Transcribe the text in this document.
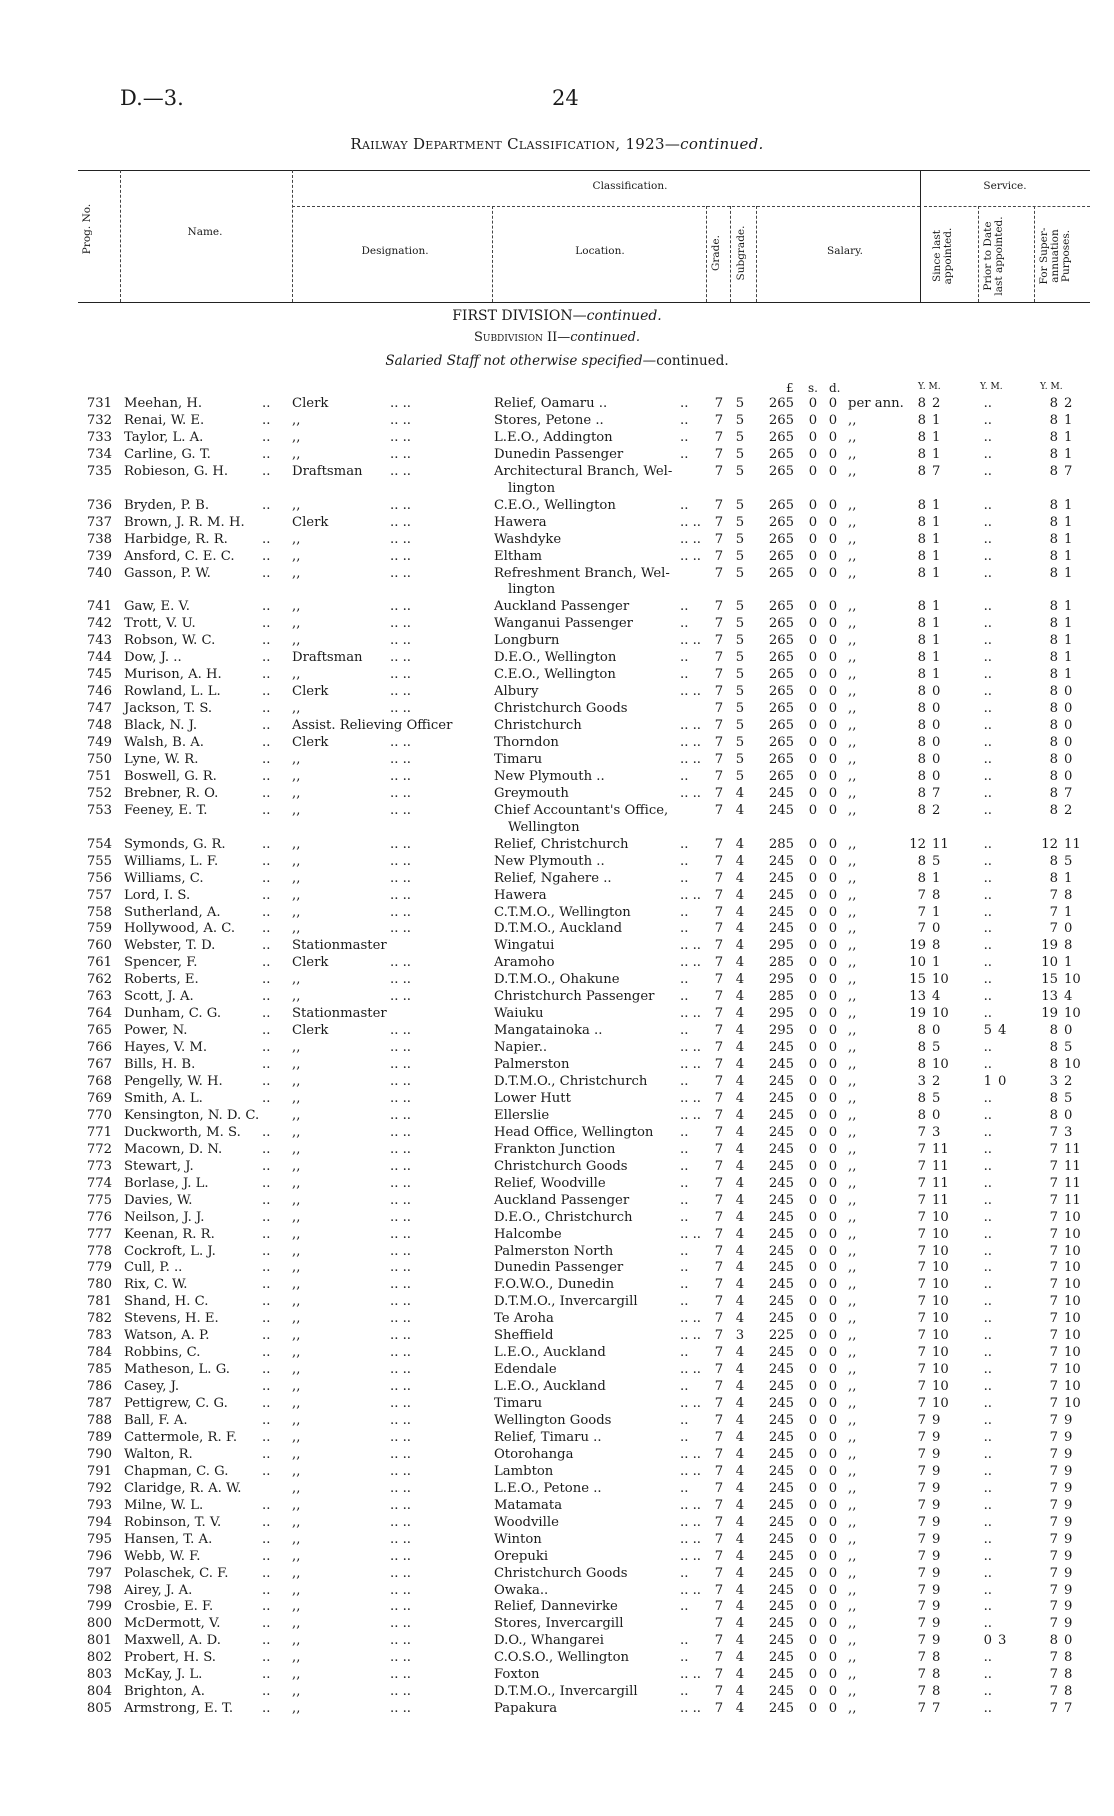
D.—3.	24
Railway Department Classification, 1923—continued.
Prog. No.	Name.
Classification.
Designation.	Location.	Grade. Subgrade.	Salary.
Service.
Since last appointed.	Prior to Date last appointed.	For Super- annuation Purposes.
FIRST DIVISION—continued.
Subdivision II—continued.
Salaried Staff not otherwise specified—continued.
£ s. d.	Y. M.	Y. M.	Y. M.
731 Meehan, H.	.. Clerk	.. ..	Relief, Oamaru ..	.. 7 5	265 0 0 per ann.	8 2	..	8 2
732 Renai, W. E.	.. ,,	.. ..	Stores, Petone ..	.. 7 5	265 0 0 ,,	8 1	..	8 1
733 Taylor, L. A.	.. ,,	.. ..	L.E.O., Addington	.. 7 5	265 0 0 ,,	8 1	..	8 1
734 Carline, G. T.	.. ,,	.. ..	Dunedin Passenger	.. 7 5	265 0 0 ,,	8 1	..	8 1
735 Robieson, G. H.	.. Draftsman .. ..	Architectural Branch, Wel-	7 5	265 0 0 ,,	8 7	..	8 7
lington
736 Bryden, P. B.	.. ,,	.. ..	C.E.O., Wellington	.. 7 5	265 0 0 ,,	8 1	..	8 1
737 Brown, J. R. M. H.	Clerk	.. ..	Hawera	.. .. 7 5	265 0 0 ,,	8 1	..	8 1
738 Harbidge, R. R.	.. ,,	.. ..	Washdyke	.. .. 7 5	265 0 0 ,,	8 1	..	8 1
739 Ansford, C. E. C. .. ,,	.. ..	Eltham	.. .. 7 5	265 0 0 ,,	8 1	..	8 1
740 Gasson, P. W.	.. ,,	.. ..	Refreshment Branch, Wel-	7 5	265 0 0 ,,	8 1	..	8 1
lington
741 Gaw, E. V.	.. ,,	.. ..	Auckland Passenger	.. 7 5	265 0 0 ,,	8 1	..	8 1
742 Trott, V. U.	.. ,,	.. ..	Wanganui Passenger	.. 7 5	265 0 0 ,,	8 1	..	8 1
743 Robson, W. C.	.. ,,	.. ..	Longburn	.. .. 7 5	265 0 0 ,,	8 1	..	8 1
744 Dow, J. ..	.. Draftsman .. ..	D.E.O., Wellington	.. 7 5	265 0 0 ,,	8 1	..	8 1
745 Murison, A. H.	.. ,,	.. ..	C.E.O., Wellington	.. 7 5	265 0 0 ,,	8 1	..	8 1
746 Rowland, L. L.	.. Clerk	.. ..	Albury	.. .. 7 5	265 0 0 ,,	8 0	..	8 0
747 Jackson, T. S.	.. ,,	.. ..	Christchurch Goods	7 5	265 0 0 ,,	8 0	..	8 0
748 Black, N. J.	.. Assist. Relieving Officer	Christchurch	.. .. 7 5	265 0 0 ,,	8 0	..	8 0
749 Walsh, B. A.	.. Clerk	.. ..	Thorndon	.. .. 7 5	265 0 0 ,,	8 0	..	8 0
750 Lyne, W. R.	.. ,,	.. ..	Timaru	.. .. 7 5	265 0 0 ,,	8 0	..	8 0
751 Boswell, G. R.	.. ,,	.. ..	New Plymouth ..	.. 7 5	265 0 0 ,,	8 0	..	8 0
752 Brebner, R. O.	.. ,,	.. ..	Greymouth	.. .. 7 4	245 0 0 ,,	8 7	..	8 7
753 Feeney, E. T.	.. ,,	.. ..	Chief Accountant's Office,	7 4	245 0 0 ,,	8 2	..	8 2
Wellington
754 Symonds, G. R.	.. ,,	.. ..	Relief, Christchurch	.. 7 4	285 0 0 ,,	12 11	..	12 11
755 Williams, L. F.	.. ,,	.. ..	New Plymouth ..	.. 7 4	245 0 0 ,,	8 5	..	8 5
756 Williams, C.	.. ,,	.. ..	Relief, Ngahere ..	.. 7 4	245 0 0 ,,	8 1	..	8 1
757 Lord, I. S.	.. ,,	.. ..	Hawera	.. .. 7 4	245 0 0 ,,	7 8	..	7 8
758 Sutherland, A.	.. ,,	.. ..	C.T.M.O., Wellington	.. 7 4	245 0 0 ,,	7 1	..	7 1
759 Hollywood, A. C. .. ,,	.. ..	D.T.M.O., Auckland	.. 7 4	245 0 0 ,,	7 0	..	7 0
760 Webster, T. D.	.. Stationmaster	Wingatui	.. .. 7 4	295 0 0 ,,	19 8	..	19 8
761 Spencer, F.	.. Clerk	.. ..	Aramoho	.. .. 7 4	285 0 0 ,,	10 1	..	10 1
762 Roberts, E.	.. ,,	.. ..	D.T.M.O., Ohakune	.. 7 4	295 0 0 ,,	15 10	..	15 10
763 Scott, J. A.	.. ,,	.. ..	Christchurch Passenger .. 7 4	285 0 0 ,,	13 4	..	13 4
764 Dunham, C. G.	.. Stationmaster	Waiuku	.. .. 7 4	295 0 0 ,,	19 10	..	19 10
765 Power, N.	.. Clerk	.. ..	Mangatainoka ..	.. 7 4	295 0 0 ,,	8 0	5 4	8 0
766 Hayes, V. M.	.. ,,	.. ..	Napier..	.. .. 7 4	245 0 0 ,,	8 5	..	8 5
767 Bills, H. B.	.. ,,	.. ..	Palmerston	.. .. 7 4	245 0 0 ,,	8 10	..	8 10
768 Pengelly, W. H.	.. ,,	.. ..	D.T.M.O., Christchurch .. 7 4	245 0 0 ,,	3 2	1 0	3 2
769 Smith, A. L.	.. ,,	.. ..	Lower Hutt	.. .. 7 4	245 0 0 ,,	8 5	..	8 5
770 Kensington, N. D. C. ,,	.. ..	Ellerslie	.. .. 7 4	245 0 0 ,,	8 0	..	8 0
771 Duckworth, M. S. .. ,,	.. ..	Head Office, Wellington .. 7 4	245 0 0 ,,	7 3	..	7 3
772 Macown, D. N.	.. ,,	.. ..	Frankton Junction	.. 7 4	245 0 0 ,,	7 11	..	7 11
773 Stewart, J.	.. ,,	.. ..	Christchurch Goods	.. 7 4	245 0 0 ,,	7 11	..	7 11
774 Borlase, J. L.	.. ,,	.. ..	Relief, Woodville	.. 7 4	245 0 0 ,,	7 11	..	7 11
775 Davies, W.	.. ,,	.. ..	Auckland Passenger	.. 7 4	245 0 0 ,,	7 11	..	7 11
776 Neilson, J. J.	.. ,,	.. ..	D.E.O., Christchurch	.. 7 4	245 0 0 ,,	7 10	..	7 10
777 Keenan, R. R.	.. ,,	.. ..	Halcombe	.. .. 7 4	245 0 0 ,,	7 10	..	7 10
778 Cockroft, L. J.	.. ,,	.. ..	Palmerston North	.. 7 4	245 0 0 ,,	7 10	..	7 10
779 Cull, P. ..	.. ,,	.. ..	Dunedin Passenger	.. 7 4	245 0 0 ,,	7 10	..	7 10
780 Rix, C. W.	.. ,,	.. ..	F.O.W.O., Dunedin	.. 7 4	245 0 0 ,,	7 10	..	7 10
781 Shand, H. C.	.. ,,	.. ..	D.T.M.O., Invercargill	.. 7 4	245 0 0 ,,	7 10	..	7 10
782 Stevens, H. E.	.. ,,	.. ..	Te Aroha	.. .. 7 4	245 0 0 ,,	7 10	..	7 10
783 Watson, A. P.	.. ,,	.. ..	Sheffield	.. .. 7 3	225 0 0 ,,	7 10	..	7 10
784 Robbins, C.	.. ,,	.. ..	L.E.O., Auckland	.. 7 4	245 0 0 ,,	7 10	..	7 10
785 Matheson, L. G. .. ,,	.. ..	Edendale	.. .. 7 4	245 0 0 ,,	7 10	..	7 10
786 Casey, J.	.. ,,	.. ..	L.E.O., Auckland	.. 7 4	245 0 0 ,,	7 10	..	7 10
787 Pettigrew, C. G.	.. ,,	.. ..	Timaru	.. .. 7 4	245 0 0 ,,	7 10	..	7 10
788 Ball, F. A.	.. ,,	.. ..	Wellington Goods	.. 7 4	245 0 0 ,,	7 9	..	7 9
789 Cattermole, R. F. .. ,,	.. ..	Relief, Timaru ..	.. 7 4	245 0 0 ,,	7 9	..	7 9
790 Walton, R.	.. ,,	.. ..	Otorohanga	.. .. 7 4	245 0 0 ,,	7 9	..	7 9
791 Chapman, C. G.	.. ,,	.. ..	Lambton	.. .. 7 4	245 0 0 ,,	7 9	..	7 9
792 Claridge, R. A. W.	,,	.. ..	L.E.O., Petone ..	.. 7 4	245 0 0 ,,	7 9	..	7 9
793 Milne, W. L.	.. ,,	.. ..	Matamata	.. .. 7 4	245 0 0 ,,	7 9	..	7 9
794 Robinson, T. V.	.. ,,	.. ..	Woodville	.. .. 7 4	245 0 0 ,,	7 9	..	7 9
795 Hansen, T. A.	.. ,,	.. ..	Winton	.. .. 7 4	245 0 0 ,,	7 9	..	7 9
796 Webb, W. F.	.. ,,	.. ..	Orepuki	.. .. 7 4	245 0 0 ,,	7 9	..	7 9
797 Polaschek, C. F.	.. ,,	.. ..	Christchurch Goods	.. 7 4	245 0 0 ,,	7 9	..	7 9
798 Airey, J. A.	.. ,,	.. ..	Owaka..	.. .. 7 4	245 0 0 ,,	7 9	..	7 9
799 Crosbie, E. F.	.. ,,	.. ..	Relief, Dannevirke	.. 7 4	245 0 0 ,,	7 9	..	7 9
800 McDermott, V.	.. ,,	.. ..	Stores, Invercargill	7 4	245 0 0 ,,	7 9	..	7 9
801 Maxwell, A. D.	.. ,,	.. ..	D.O., Whangarei	.. 7 4	245 0 0 ,,	7 9	0 3	8 0
802 Probert, H. S.	.. ,,	.. ..	C.O.S.O., Wellington	.. 7 4	245 0 0 ,,	7 8	..	7 8
803 McKay, J. L.	.. ,,	.. ..	Foxton	.. .. 7 4	245 0 0 ,,	7 8	..	7 8
804 Brighton, A.	.. ,,	.. ..	D.T.M.O., Invercargill	.. 7 4	245 0 0 ,,	7 8	..	7 8
805 Armstrong, E. T. .. ,,	.. ..	Papakura	.. .. 7 4	245 0 0 ,,	7 7	..	7 7
